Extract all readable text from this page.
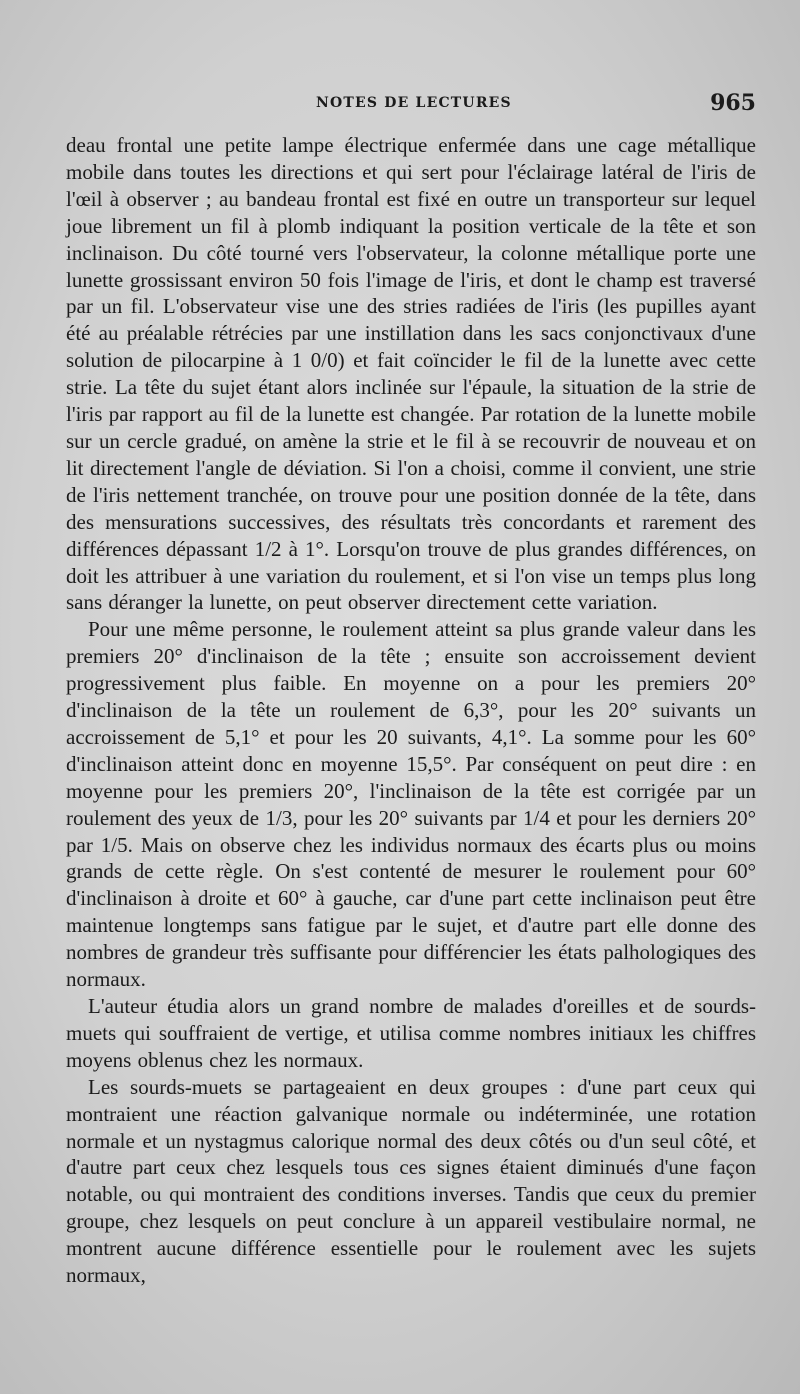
NOTES DE LECTURES	965

deau frontal une petite lampe électrique enfermée dans une cage métallique mobile dans toutes les directions et qui sert pour l'éclairage latéral de l'iris de l'œil à observer ; au bandeau frontal est fixé en outre un transporteur sur lequel joue librement un fil à plomb indiquant la position verticale de la tête et son inclinaison. Du côté tourné vers l'observateur, la colonne métallique porte une lunette grossissant environ 50 fois l'image de l'iris, et dont le champ est traversé par un fil. L'observateur vise une des stries radiées de l'iris (les pupilles ayant été au préalable rétrécies par une instillation dans les sacs conjonctivaux d'une solution de pilocarpine à 1 0/0) et fait coïncider le fil de la lunette avec cette strie. La tête du sujet étant alors inclinée sur l'épaule, la situation de la strie de l'iris par rapport au fil de la lunette est changée. Par rotation de la lunette mobile sur un cercle gradué, on amène la strie et le fil à se recouvrir de nouveau et on lit directement l'angle de déviation. Si l'on a choisi, comme il convient, une strie de l'iris nettement tranchée, on trouve pour une position donnée de la tête, dans des mensurations successives, des résultats très concordants et rarement des différences dépassant 1/2 à 1°. Lorsqu'on trouve de plus grandes différences, on doit les attribuer à une variation du roulement, et si l'on vise un temps plus long sans déranger la lunette, on peut observer directement cette variation.

Pour une même personne, le roulement atteint sa plus grande valeur dans les premiers 20° d'inclinaison de la tête ; ensuite son accroissement devient progressivement plus faible. En moyenne on a pour les premiers 20° d'inclinaison de la tête un roulement de 6,3°, pour les 20° suivants un accroissement de 5,1° et pour les 20 suivants, 4,1°. La somme pour les 60° d'inclinaison atteint donc en moyenne 15,5°. Par conséquent on peut dire : en moyenne pour les premiers 20°, l'inclinaison de la tête est corrigée par un roulement des yeux de 1/3, pour les 20° suivants par 1/4 et pour les derniers 20° par 1/5. Mais on observe chez les individus normaux des écarts plus ou moins grands de cette règle. On s'est contenté de mesurer le roulement pour 60° d'inclinaison à droite et 60° à gauche, car d'une part cette inclinaison peut être maintenue longtemps sans fatigue par le sujet, et d'autre part elle donne des nombres de grandeur très suffisante pour différencier les états palhologiques des normaux.

L'auteur étudia alors un grand nombre de malades d'oreilles et de sourds-muets qui souffraient de vertige, et utilisa comme nombres initiaux les chiffres moyens oblenus chez les normaux.

Les sourds-muets se partageaient en deux groupes : d'une part ceux qui montraient une réaction galvanique normale ou indéterminée, une rotation normale et un nystagmus calorique normal des deux côtés ou d'un seul côté, et d'autre part ceux chez lesquels tous ces signes étaient diminués d'une façon notable, ou qui montraient des conditions inverses. Tandis que ceux du premier groupe, chez lesquels on peut conclure à un appareil vestibulaire normal, ne montrent aucune différence essentielle pour le roulement avec les sujets normaux,
